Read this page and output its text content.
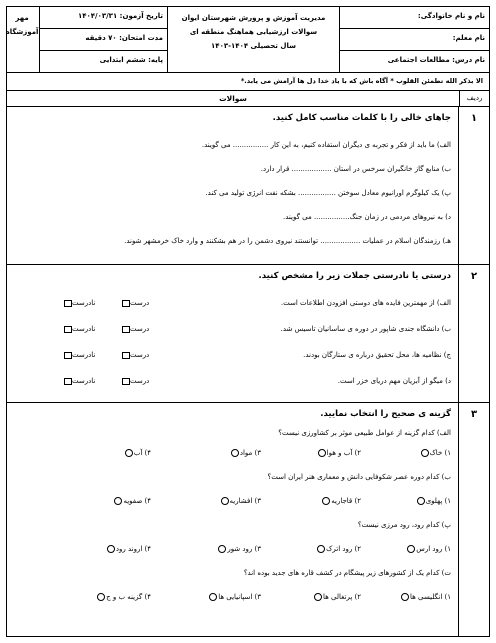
نام و نام خانوادگی:
نام معلم:
نام درس: مطالعات اجتماعی
مدیریت آموزش و پرورش شهرستان ایوان
سوالات ارزشیابی هماهنگ منطقه ای
سال تحصیلی ۱۴۰۴-۱۴۰۳
تاریخ آزمون: ۱۴۰۴/۰۳/۳۱
مدت امتحان: ۷۰ دقیقه
پایه: ششم ابتدایی
مهر
آموزشگاه
الا بذکر الله تطمئن القلوب * آگاه باش که با یاد خدا دل ها آرامش می یابد.*
ردیف
سوالات
۱
جاهای خالی را با کلمات مناسب کامل کنید.
الف) ما باید از فکر و تجربه ی دیگران استفاده کنیم، به این کار ................ می گویند.
ب) منابع گاز خانگیران سرخس در استان .................. قرار دارد.
پ) یک کیلوگرم اورانیوم معادل سوختن ................. بشکه نفت انرژی تولید می کند.
د) به نیروهای مردمی در زمان جنگ................ می گویند.
هـ) رزمندگان اسلام در عملیات .................. توانستند نیروی دشمن را در هم بشکنند و وارد خاک خرمشهر شوند.
۲
درستی یا نادرستی جملات زیر را مشخص کنید.
الف) از مهمترین فایده های دوستی افزودن اطلاعات است.
درست
نادرست
ب) دانشگاه جندی شاپور در دوره ی ساسانیان تاسیس شد.
درست
نادرست
ج) نظامیه ها، محل تحقیق درباره ی ستارگان بودند.
درست
نادرست
د) میگو از آبزیان مهم دریای خزر است.
درست
نادرست
۳
گزینه ی صحیح را انتخاب نمایید.
الف) کدام گزینه از عوامل طبیعی موثر بر کشاورزی نیست؟
۱) خاک
۲) آب و هوا
۳) مواد
۴) آب
ب) کدام دوره عصر شکوفایی دانش و معماری هنر ایران است؟
۱) پهلوی
۲) قاجاریه
۳) افشاریه
۴) صفویه
پ) کدام رود، رود مرزی نیست؟
۱) رود ارس
۲) رود اترک
۳) رود شور
۴) اروند رود
ت) کدام یک از کشورهای زیر پیشگام در کشف قاره های جدید بوده اند؟
۱) انگلیسی ها
۲) پرتغالی ها
۳) اسپانیایی ها
۴) گزینه ب و ج
